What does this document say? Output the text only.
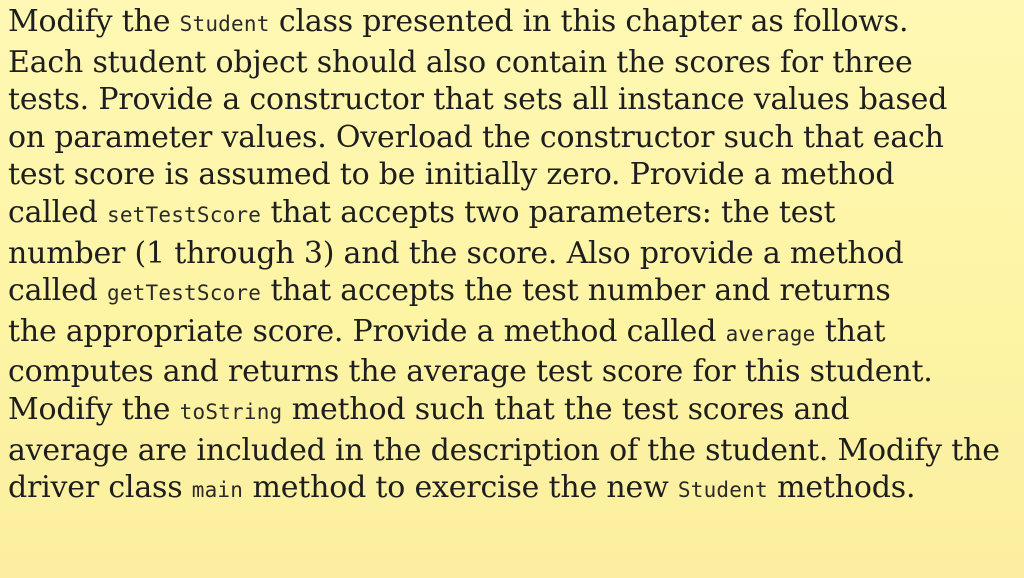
Modify the Student class presented in this chapter as follows.
Each student object should also contain the scores for three
tests. Provide a constructor that sets all instance values based
on parameter values. Overload the constructor such that each
test score is assumed to be initially zero. Provide a method
called setTestScore that accepts two parameters: the test
number (1 through 3) and the score. Also provide a method
called getTestScore that accepts the test number and returns
the appropriate score. Provide a method called average that
computes and returns the average test score for this student.
Modify the toString method such that the test scores and
average are included in the description of the student. Modify the
driver class main method to exercise the new Student methods.
